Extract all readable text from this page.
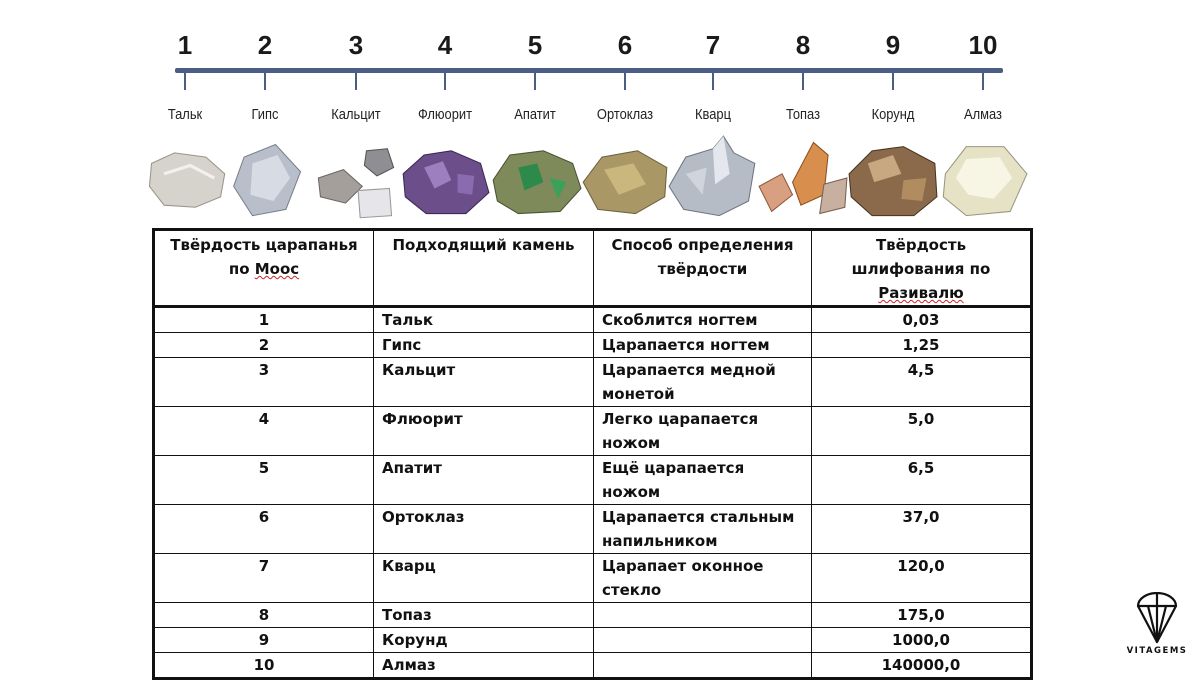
1
Тальк
2
Гипс
3
Кальцит
4
Флюорит
5
Апатит
6
Ортоклаз
7
Кварц
8
Топаз
9
Корунд
10
Алмаз
Твёрдость царапанья по Моос	Подходящий камень	Способ определения твёрдости	Твёрдость шлифования по Разивалю
1	Тальк	Скоблится ногтем	0,03
2	Гипс	Царапается ногтем	1,25
3	Кальцит	Царапается медной монетой	4,5
4	Флюорит	Легко царапается ножом	5,0
5	Апатит	Ещё царапается ножом	6,5
6	Ортоклаз	Царапается стальным напильником	37,0
7	Кварц	Царапает оконное стекло	120,0
8	Топаз		175,0
9	Корунд		1000,0
10	Алмаз		140000,0
VITAGEMS
